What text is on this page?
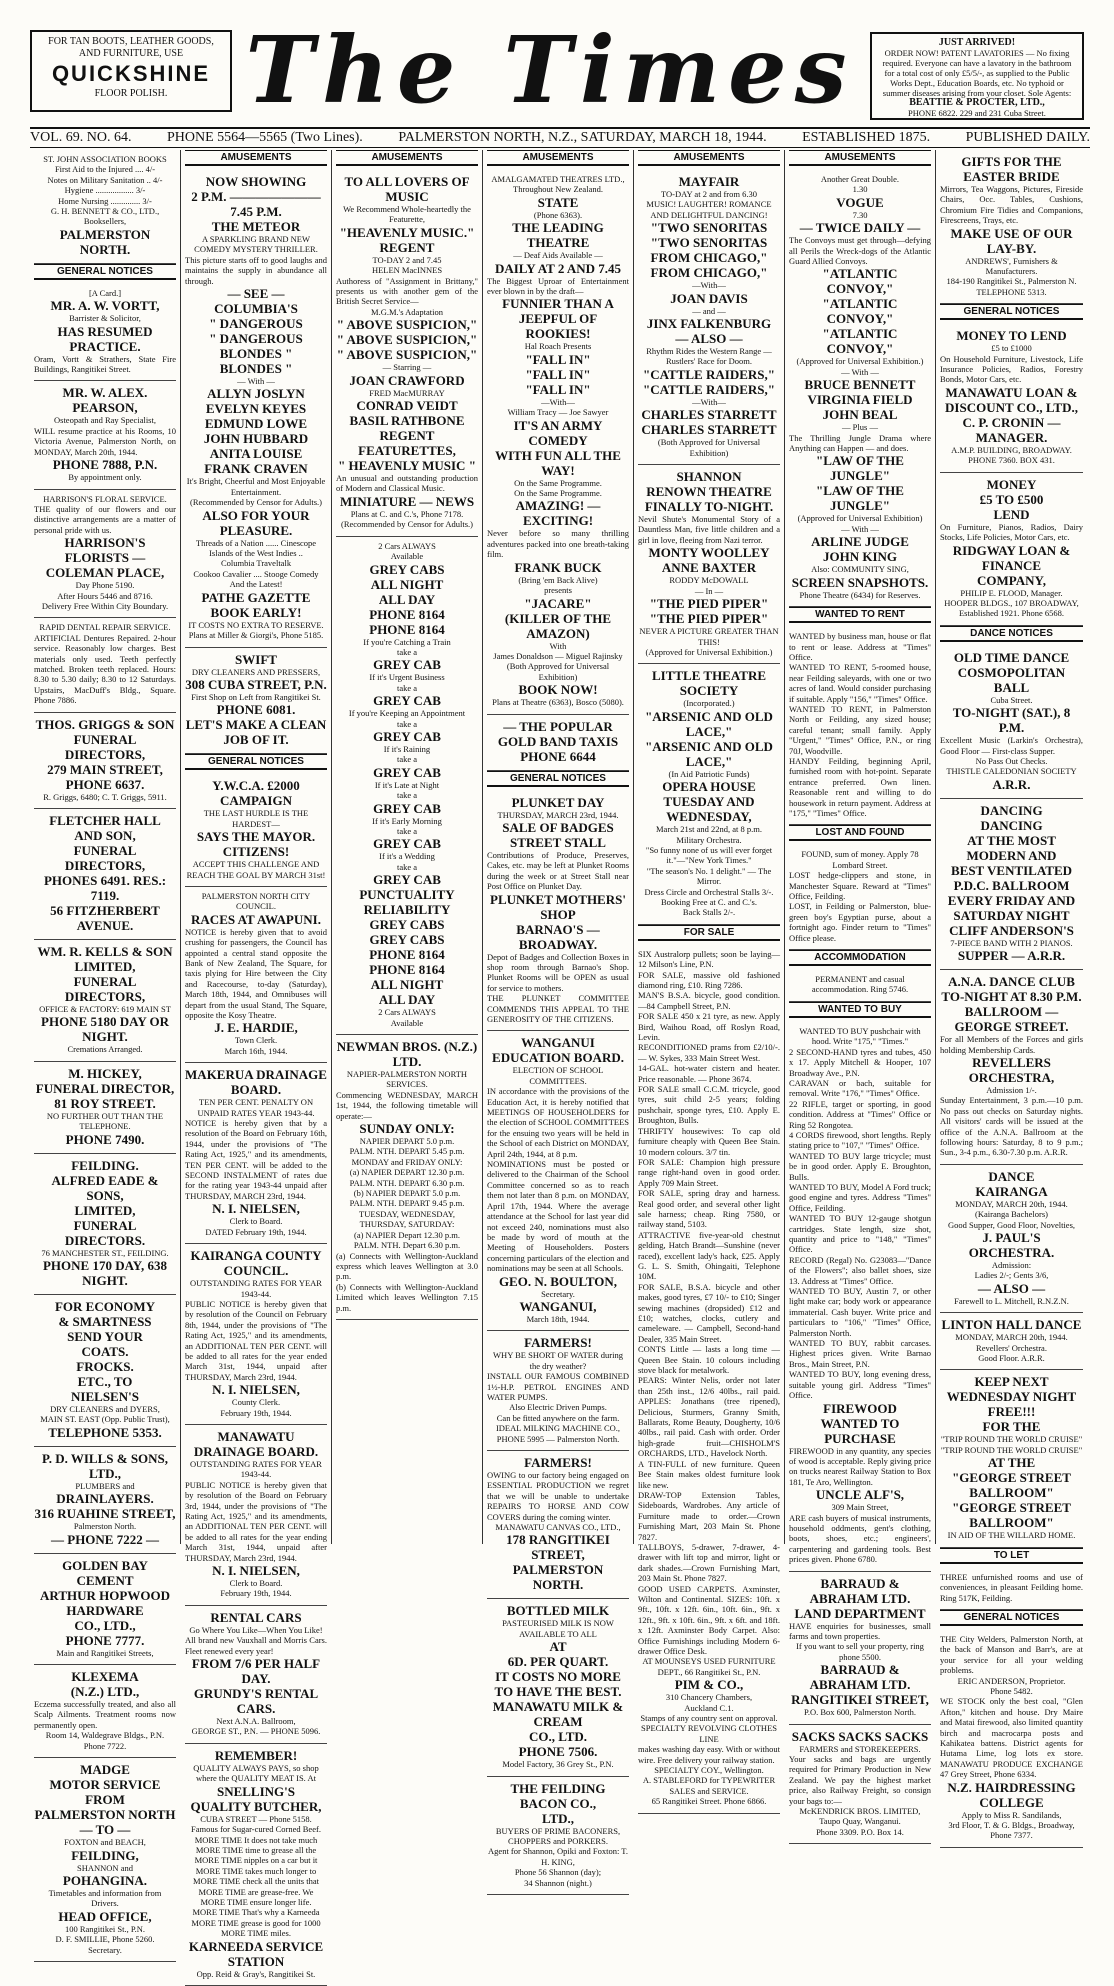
FOR TAN BOOTS, LEATHER GOODS,
AND FURNITURE, USE
QUICKSHINE
FLOOR POLISH. The Times	JUST ARRIVED!
ORDER NOW! PATENT LAVATORIES — No fixing required. Everyone can have a lavatory in the bathroom for a total cost of only £5/5/-, as supplied to the Public Works Dept., Education Boards, etc. No typhoid or summer diseases arising from your closet. Sole Agents:
BEATTIE & PROCTER, LTD.,
PHONE 6822. 229 and 231 Cuba Street.
VOL. 69. NO. 64.	PHONE 5564—5565 (Two Lines).	PALMERSTON NORTH, N.Z., SATURDAY, MARCH 18, 1944.	ESTABLISHED 1875.	PUBLISHED DAILY.

ST. JOHN ASSOCIATION BOOKS

First Aid to the Injured .... 4/-

Notes on Military Sanitation .. 4/-

Hygiene .................. 3/-

Home Nursing .............. 3/-

G. H. BENNETT & CO., LTD.,

Booksellers,

PALMERSTON NORTH.

GENERAL NOTICES

[A Card.]

MR. A. W. VORTT,

Barrister & Solicitor,

HAS RESUMED PRACTICE.

Oram, Vortt & Strathers, State Fire Buildings, Rangitikei Street.

MR. W. ALEX. PEARSON,

Osteopath and Ray Specialist,

WILL resume practice at his Rooms, 10 Victoria Avenue, Palmerston North, on MONDAY, March 20th, 1944.

PHONE 7888, P.N.

By appointment only.

HARRISON'S FLORAL SERVICE.

THE quality of our flowers and our distinctive arrangements are a matter of personal pride with us.

HARRISON'S

FLORISTS — COLEMAN PLACE,

Day Phone 5190.

After Hours 5446 and 8716.

Delivery Free Within City Boundary.

RAPID DENTAL REPAIR SERVICE.

ARTIFICIAL Dentures Repaired. 2-hour service. Reasonably low charges. Best materials only used. Teeth perfectly matched. Broken teeth replaced. Hours: 8.30 to 5.30 daily; 8.30 to 12 Saturdays. Upstairs, MacDuff's Bldg., Square. Phone 7886.

THOS. GRIGGS & SON

FUNERAL DIRECTORS,

279 MAIN STREET,

PHONE 6637.

R. Griggs, 6480; C. T. Griggs, 5911.

FLETCHER HALL

AND SON,

FUNERAL DIRECTORS,

PHONES 6491. RES.: 7119.

56 FITZHERBERT AVENUE.

WM. R. KELLS & SON

LIMITED,

FUNERAL DIRECTORS,

OFFICE & FACTORY: 619 MAIN ST

PHONE 5180 DAY OR NIGHT.

Cremations Arranged.

M. HICKEY,

FUNERAL DIRECTOR,

81 ROY STREET.

NO FURTHER OUT THAN THE TELEPHONE.

PHONE 7490.

FEILDING.

ALFRED EADE & SONS,

LIMITED,

FUNERAL DIRECTORS.

76 MANCHESTER ST., FEILDING.

PHONE 170 DAY, 638 NIGHT.

FOR ECONOMY

& SMARTNESS

SEND YOUR

COATS.

FROCKS.

ETC., TO

NIELSEN'S

DRY CLEANERS and DYERS,

MAIN ST. EAST (Opp. Public Trust),

TELEPHONE 5353.

P. D. WILLS & SONS,

LTD.,

PLUMBERS and

DRAINLAYERS.

316 RUAHINE STREET,

Palmerston North.

— PHONE 7222 —

GOLDEN BAY

CEMENT

ARTHUR HOPWOOD HARDWARE

CO., LTD.,

PHONE 7777.

Main and Rangitikei Streets,

KLEXEMA

(N.Z.) LTD.,

Eczema successfully treated, and also all Scalp Ailments. Treatment rooms now permanently open.

Room 14, Waldegrave Bldgs., P.N.

Phone 7722.

MADGE

MOTOR SERVICE

FROM

PALMERSTON NORTH

— TO —

FOXTON and BEACH,

FEILDING,

SHANNON and

POHANGINA.

Timetables and information from Drivers.

HEAD OFFICE,

100 Rangitikei St., P.N.

D. F. SMILLIE, Phone 5260.

Secretary.

AMUSEMENTS

NOW SHOWING

2 P.M. ——————— 7.45 P.M.

THE METEOR

A SPARKLING BRAND NEW COMEDY MYSTERY THRILLER.

This picture starts off to good laughs and maintains the supply in abundance all through.

— SEE —

COLUMBIA'S

" DANGEROUS

" DANGEROUS

BLONDES "

BLONDES "

— With —

ALLYN JOSLYN

EVELYN KEYES

EDMUND LOWE

JOHN HUBBARD

ANITA LOUISE

FRANK CRAVEN

It's Bright, Cheerful and Most Enjoyable Entertainment.

(Recommended by Censor for Adults.)

ALSO FOR YOUR PLEASURE.

Threads of a Nation ...... Cinescope

Islands of the West Indies ..

Columbia Traveltalk

Cookoo Cavalier .... Stooge Comedy

And the Latest!

PATHE GAZETTE

BOOK EARLY!

IT COSTS NO EXTRA TO RESERVE.

Plans at Miller & Giorgi's, Phone 5185.

SWIFT

DRY CLEANERS AND PRESSERS,

308 CUBA STREET, P.N.

First Shop on Left from Rangitikei St.

PHONE 6081.

LET'S MAKE A CLEAN

JOB OF IT.

GENERAL NOTICES

Y.W.C.A. £2000

CAMPAIGN

THE LAST HURDLE IS THE HARDEST—

SAYS THE MAYOR.

CITIZENS!

ACCEPT THIS CHALLENGE AND REACH THE GOAL BY MARCH 31st!

PALMERSTON NORTH CITY COUNCIL.

RACES AT AWAPUNI.

NOTICE is hereby given that to avoid crushing for passengers, the Council has appointed a central stand opposite the Bank of New Zealand, The Square, for taxis plying for Hire between the City and Racecourse, to-day (Saturday), March 18th, 1944, and Omnibuses will depart from the usual Stand, The Square, opposite the Kosy Theatre.

J. E. HARDIE,

Town Clerk.

March 16th, 1944.

MAKERUA DRAINAGE BOARD.

TEN PER CENT. PENALTY ON UNPAID RATES YEAR 1943-44.

NOTICE is hereby given that by a resolution of the Board on February 16th, 1944, under the provisions of "The Rating Act, 1925," and its amendments, TEN PER CENT. will be added to the SECOND INSTALMENT of rates due for the rating year 1943-44 unpaid after THURSDAY, MARCH 23rd, 1944.

N. I. NIELSEN,

Clerk to Board.

DATED February 19th, 1944.

KAIRANGA COUNTY COUNCIL.

OUTSTANDING RATES FOR YEAR 1943-44.

PUBLIC NOTICE is hereby given that by resolution of the Council on February 8th, 1944, under the provisions of "The Rating Act, 1925," and its amendments, an ADDITIONAL TEN PER CENT. will be added to all rates for the year ended March 31st, 1944, unpaid after THURSDAY, March 23rd, 1944.

N. I. NIELSEN,

County Clerk.

February 19th, 1944.

MANAWATU DRAINAGE BOARD.

OUTSTANDING RATES FOR YEAR 1943-44.

PUBLIC NOTICE is hereby given that by resolution of the Board on February 3rd, 1944, under the provisions of "The Rating Act, 1925," and its amendments, an ADDITIONAL TEN PER CENT. will be added to all rates for the year ending March 31st, 1944, unpaid after THURSDAY, March 23rd, 1944.

N. I. NIELSEN,

Clerk to Board.

February 19th, 1944.

RENTAL CARS

Go Where You Like—When You Like!

All brand new Vauxhall and Morris Cars. Fleet renewed every year!

FROM 7/6 PER HALF DAY.

GRUNDY'S RENTAL CARS.

Next A.N.A. Ballroom,

GEORGE ST., P.N. — PHONE 5096.

REMEMBER!

QUALITY ALWAYS PAYS, so shop where the QUALITY MEAT IS. At

SNELLING'S

QUALITY BUTCHER,

CUBA STREET — Phone 5158.

Famous for Sugar-cured Corned Beef.

MORE TIME It does not take much

MORE TIME time to grease all the

MORE TIME nipples on a car but it

MORE TIME takes much longer to

MORE TIME check all the units that

MORE TIME are grease-free. We

MORE TIME ensure longer life.

MORE TIME That's why a Karneeda

MORE TIME grease is good for 1000

MORE TIME miles.

KARNEEDA SERVICE STATION

Opp. Reid & Gray's, Rangitikei St.

AMUSEMENTS

TO ALL LOVERS OF MUSIC

We Recommend Whole-heartedly the Featurette,

"HEAVENLY MUSIC."

REGENT

TO-DAY 2 and 7.45

HELEN MacINNES

Authoress of "Assignment in Brittany," presents us with another gem of the British Secret Service—

M.G.M.'s Adaptation

" ABOVE SUSPICION,"

" ABOVE SUSPICION,"

" ABOVE SUSPICION,"

— Starring —

JOAN CRAWFORD

FRED MacMURRAY

CONRAD VEIDT

BASIL RATHBONE

REGENT FEATURETTES,

" HEAVENLY MUSIC "

An unusual and outstanding production of Modern and Classical Music.

MINIATURE — NEWS

Plans at C. and C.'s, Phone 7178.

(Recommended by Censor for Adults.)

2 Cars ALWAYS

Available

GREY CABS

ALL NIGHT

ALL DAY

PHONE 8164

PHONE 8164

If you're Catching a Train

take a

GREY CAB

If it's Urgent Business

take a

GREY CAB

If you're Keeping an Appointment

take a

GREY CAB

If it's Raining

take a

GREY CAB

If it's Late at Night

take a

GREY CAB

If it's Early Morning

take a

GREY CAB

If it's a Wedding

take a

GREY CAB

PUNCTUALITY

RELIABILITY

GREY CABS

GREY CABS

PHONE 8164

PHONE 8164

ALL NIGHT

ALL DAY

2 Cars ALWAYS

Available

NEWMAN BROS. (N.Z.) LTD.

NAPIER-PALMERSTON NORTH SERVICES.

Commencing WEDNESDAY, MARCH 1st, 1944, the following timetable will operate:—

SUNDAY ONLY:

NAPIER DEPART 5.0 p.m.

PALM. NTH. DEPART 5.45 p.m.

MONDAY and FRIDAY ONLY:

(a) NAPIER DEPART 12.30 p.m.

PALM. NTH. DEPART 6.30 p.m.

(b) NAPIER DEPART 5.0 p.m.

PALM. NTH. DEPART 9.45 p.m.

TUESDAY, WEDNESDAY, THURSDAY, SATURDAY:

(a) NAPIER Depart 12.30 p.m.

PALM. NTH. Depart 6.30 p.m.

(a) Connects with Wellington-Auckland express which leaves Wellington at 3.0 p.m.

(b) Connects with Wellington-Auckland Limited which leaves Wellington 7.15 p.m.

AMUSEMENTS

AMALGAMATED THEATRES LTD., Throughout New Zealand.

STATE

(Phone 6363).

THE LEADING THEATRE

— Deaf Aids Available —

DAILY AT 2 AND 7.45

The Biggest Uproar of Entertainment ever blown in by the draft—

FUNNIER THAN A

JEEPFUL OF ROOKIES!

Hal Roach Presents

"FALL IN"

"FALL IN"

"FALL IN"

—With—

William Tracy — Joe Sawyer

IT'S AN ARMY COMEDY

WITH FUN ALL THE WAY!

On the Same Programme.

On the Same Programme.

AMAZING! — EXCITING!

Never before so many thrilling adventures packed into one breath-taking film.

FRANK BUCK

(Bring 'em Back Alive)

presents

"JACARE"

(KILLER OF THE AMAZON)

With

James Donaldson — Miguel Rajinsky

(Both Approved for Universal Exhibition)

BOOK NOW!

Plans at Theatre (6363), Bosco (5080).

— THE POPULAR

GOLD BAND TAXIS

PHONE 6644

GENERAL NOTICES

PLUNKET DAY

THURSDAY, MARCH 23rd, 1944.

SALE OF BADGES

STREET STALL

Contributions of Produce, Preserves, Cakes, etc. may be left at Plunket Rooms during the week or at Street Stall near Post Office on Plunket Day.

PLUNKET MOTHERS' SHOP

BARNAO'S — BROADWAY.

Depot of Badges and Collection Boxes in shop room through Barnao's Shop. Plunket Rooms will be OPEN as usual for service to mothers.

THE PLUNKET COMMITTEE COMMENDS THIS APPEAL TO THE GENEROSITY OF THE CITIZENS.

WANGANUI EDUCATION BOARD.

ELECTION OF SCHOOL COMMITTEES.

IN accordance with the provisions of the Education Act, it is hereby notified that MEETINGS OF HOUSEHOLDERS for the election of SCHOOL COMMITTEES for the ensuing two years will be held in the School of each District on MONDAY, April 24th, 1944, at 8 p.m.

NOMINATIONS must be posted or delivered to the Chairman of the School Committee concerned so as to reach them not later than 8 p.m. on MONDAY, April 17th, 1944. Where the average attendance at the School for last year did not exceed 240, nominations must also be made by word of mouth at the Meeting of Householders. Posters concerning particulars of the election and nominations may be seen at all Schools.

GEO. N. BOULTON,

Secretary.

WANGANUI,

March 18th, 1944.

FARMERS!

WHY BE SHORT OF WATER during the dry weather?

INSTALL OUR FAMOUS COMBINED 1½-H.P. PETROL ENGINES AND WATER PUMPS.

Also Electric Driven Pumps.

Can be fitted anywhere on the farm.

IDEAL MILKING MACHINE CO.,

PHONE 5995 — Palmerston North.

FARMERS!

OWING to our factory being engaged on ESSENTIAL PRODUCTION we regret that we will be unable to undertake REPAIRS TO HORSE AND COW COVERS during the coming winter.

MANAWATU CANVAS CO., LTD.,

178 RANGITIKEI STREET,

PALMERSTON NORTH.

BOTTLED MILK

PASTEURISED MILK IS NOW AVAILABLE TO ALL

AT

6D. PER QUART.

IT COSTS NO MORE

TO HAVE THE BEST.

MANAWATU MILK & CREAM

CO., LTD.

PHONE 7506.

Model Factory, 36 Grey St., P.N.

THE FEILDING BACON CO.,

LTD.,

BUYERS OF PRIME BACONERS, CHOPPERS and PORKERS.

Agent for Shannon, Opiki and Foxton: T. H. KING,

Phone 56 Shannon (day);

34 Shannon (night.)

AMUSEMENTS

MAYFAIR

TO-DAY at 2 and from 6.30

MUSIC! LAUGHTER! ROMANCE AND DELIGHTFUL DANCING!

"TWO SENORITAS

"TWO SENORITAS

FROM CHICAGO,"

FROM CHICAGO,"

—With—

JOAN DAVIS

— and —

JINX FALKENBURG

— ALSO —

Rhythm Rides the Western Range —Rustlers' Race for Doom.

"CATTLE RAIDERS,"

"CATTLE RAIDERS,"

—With—

CHARLES STARRETT

CHARLES STARRETT

(Both Approved for Universal Exhibition)

SHANNON

RENOWN THEATRE

FINALLY TO-NIGHT.

Nevil Shute's Monumental Story of a Dauntless Man, five little children and a girl in love, fleeing from Nazi terror.

MONTY WOOLLEY

ANNE BAXTER

RODDY McDOWALL

— In —

"THE PIED PIPER"

"THE PIED PIPER"

NEVER A PICTURE GREATER THAN THIS!

(Approved for Universal Exhibition.)

LITTLE THEATRE SOCIETY

(Incorporated.)

"ARSENIC AND OLD LACE,"

"ARSENIC AND OLD LACE,"

(In Aid Patriotic Funds)

OPERA HOUSE

TUESDAY AND WEDNESDAY,

March 21st and 22nd, at 8 p.m.

Military Orchestra.

"So funny none of us will ever forget it."—"New York Times."

"The season's No. 1 delight." — The Mirror.

Dress Circle and Orchestral Stalls 3/-.

Booking Free at C. and C.'s.

Back Stalls 2/-.

FOR SALE

SIX Australorp pullets; soon be laying—12 Milson's Line, P.N.

FOR SALE, massive old fashioned diamond ring, £10. Ring 7286.

MAN'S B.S.A. bicycle, good condition. —84 Campbell Street, P.N.

FOR SALE 450 x 21 tyre, as new. Apply Bird, Waihou Road, off Roslyn Road, Levin.

RECONDITIONED prams from £2/10/-. — W. Sykes, 333 Main Street West.

14-GAL. hot-water cistern and heater. Price reasonable. — Phone 3674.

FOR SALE small C.C.M. tricycle, good tyres, suit child 2-5 years; folding pushchair, sponge tyres, £10. Apply E. Broughton, Bulls.

THRIFTY housewives: To cap old furniture cheaply with Queen Bee Stain. 10 modern colours. 3/7 tin.

FOR SALE: Champion high pressure range right-hand oven in good order. Apply 709 Main Street.

FOR SALE, spring dray and harness. Real good order, and several other light sale harness; cheap. Ring 7580, or railway stand, 5103.

ATTRACTIVE five-year-old chestnut gelding, Hatch Brandt—Sunshine (never raced), excellent lady's hack, £25. Apply G. L. S. Smith, Ohingaiti, Telephone 10M.

FOR SALE, B.S.A. bicycle and other makes, good tyres, £7 10/- to £10; Singer sewing machines (dropsided) £12 and £10; watches, clocks, cutlery and cameleware. — Campbell, Second-hand Dealer, 335 Main Street.

CONTS Little — lasts a long time — Queen Bee Stain. 10 colours including stove black for metalwork.

PEARS: Winter Nelis, order not later than 25th inst., 12/6 40lbs., rail paid. APPLES: Jonathans (tree ripened), Delicious, Sturmers, Granny Smith, Ballarats, Rome Beauty, Dougherty, 10/6 40lbs., rail paid. Cash with order. Order high-grade fruit—CHISHOLM'S ORCHARDS, LTD., Havelock North.

A TIN-FULL of new furniture. Queen Bee Stain makes oldest furniture look like new.

DRAW-TOP Extension Tables, Sideboards, Wardrobes. Any article of Furniture made to order.—Crown Furnishing Mart, 203 Main St. Phone 7827.

TALLBOYS, 5-drawer, 7-drawer, 4-drawer with lift top and mirror, light or dark shades.—Crown Furnishing Mart, 203 Main St. Phone 7827.

GOOD USED CARPETS. Axminster, Wilton and Continental. SIZES: 10ft. x 9ft., 10ft. x 12ft. 6in., 10ft. 6in., 9ft. x 12ft., 9ft. x 10ft. 6in., 9ft. x 6ft. and 18ft. x 12ft. Axminster Body Carpet. Also: Office Furnishings including Modern 6-drawer Office Desk.

AT MOUNSEYS USED FURNITURE DEPT., 66 Rangitikei St., P.N.

PIM & CO.,

310 Chancery Chambers,

Auckland C.1.

Stamps of any country sent on approval.

SPECIALTY REVOLVING CLOTHES LINE

makes washing day easy. With or without wire. Free delivery your railway station.

SPECIALTY COY., Wellington.

A. STABLEFORD for TYPEWRITER SALES and SERVICE.

65 Rangitikei Street. Phone 6866.

AMUSEMENTS

Another Great Double.

1.30

VOGUE

7.30

— TWICE DAILY —

The Convoys must get through—defying all Perils the Wreck-dogs of the Atlantic Guard Allied Convoys.

"ATLANTIC CONVOY,"

"ATLANTIC CONVOY,"

"ATLANTIC CONVOY,"

(Approved for Universal Exhibition.)

— With —

BRUCE BENNETT

VIRGINIA FIELD

JOHN BEAL

— Plus —

The Thrilling Jungle Drama where Anything can Happen — and does.

"LAW OF THE JUNGLE"

"LAW OF THE JUNGLE"

(Approved for Universal Exhibition)

— With —

ARLINE JUDGE

JOHN KING

Also: COMMUNITY SING,

SCREEN SNAPSHOTS.

Phone Theatre (6434) for Reserves.

WANTED TO RENT

WANTED by business man, house or flat to rent or lease. Address at "Times" Office.

WANTED TO RENT, 5-roomed house, near Feilding saleyards, with one or two acres of land. Would consider purchasing if suitable. Apply "156," "Times" Office.

WANTED TO RENT, in Palmerston North or Feilding, any sized house; careful tenant; small family. Apply "Urgent," "Times" Office, P.N., or ring 70J, Woodville.

HANDY Feilding, beginning April, furnished room with hot-point. Separate entrance preferred. Own linen. Reasonable rent and willing to do housework in return payment. Address at "175," "Times" Office.

LOST AND FOUND

FOUND, sum of money. Apply 78 Lombard Street.

LOST hedge-clippers and stone, in Manchester Square. Reward at "Times" Office, Feilding.

LOST, in Feilding or Palmerston, blue-green boy's Egyptian purse, about a fortnight ago. Finder return to "Times" Office please.

ACCOMMODATION

PERMANENT and casual accommodation. Ring 5746.

WANTED TO BUY

WANTED TO BUY pushchair with hood. Write "175," "Times."

2 SECOND-HAND tyres and tubes, 450 x 17. Apply Mitchell & Hooper, 107 Broadway Ave., P.N.

CARAVAN or bach, suitable for removal. Write "176," "Times" Office.

22 RIFLE, target or sporting, in good condition. Address at "Times" Office or Ring 52 Rongotea.

4 CORDS firewood, short lengths. Reply stating price to "107," "Times" Office.

WANTED TO BUY large tricycle; must be in good order. Apply E. Broughton, Bulls.

WANTED TO BUY, Model A Ford truck; good engine and tyres. Address "Times" Office, Feilding.

WANTED TO BUY 12-gauge shotgun cartridges. State length, size shot, quantity and price to "148," "Times" Office.

RECORD (Regal) No. G23083—"Dance of the Flowers"; also ballet shoes, size 13. Address at "Times" Office.

WANTED TO BUY, Austin 7, or other light make car; body work or appearance immaterial. Cash buyer. Write price and particulars to "106," "Times" Office, Palmerston North.

WANTED TO BUY, rabbit carcases. Highest prices given. Write Barnao Bros., Main Street, P.N.

WANTED TO BUY, long evening dress, suitable young girl. Address "Times" Office.

FIREWOOD

WANTED TO PURCHASE

FIREWOOD in any quantity, any species of wood is acceptable. Reply giving price on trucks nearest Railway Station to Box 181, Te Aro, Wellington.

UNCLE ALF'S,

309 Main Street,

ARE cash buyers of musical instruments, household oddments, gent's clothing, boots, shoes, etc.; engineers', carpentering and gardening tools. Best prices given. Phone 6780.

BARRAUD & ABRAHAM LTD.

LAND DEPARTMENT

HAVE enquiries for businesses, small farms and town properties.

If you want to sell your property, ring phone 5500.

BARRAUD & ABRAHAM LTD.

RANGITIKEI STREET,

P.O. Box 600, Palmerston North.

SACKS SACKS SACKS

FARMERS and STOREKEEPERS.

Your sacks and bags are urgently required for Primary Production in New Zealand. We pay the highest market price, also Railway Freight, so consign your bags to:—

McKENDRICK BROS. LIMITED,

Taupo Quay, Wanganui.

Phone 3309. P.O. Box 14.

GIFTS FOR THE

EASTER BRIDE

Mirrors, Tea Waggons, Pictures, Fireside Chairs, Occ. Tables, Cushions, Chromium Fire Tidies and Companions, Firescreens, Trays, etc.

MAKE USE OF OUR LAY-BY.

ANDREWS', Furnishers & Manufacturers.

184-190 Rangitikei St., Palmerston N. TELEPHONE 5313.

GENERAL NOTICES

MONEY TO LEND

£5 to £1000

On Household Furniture, Livestock, Life Insurance Policies, Radios, Forestry Bonds, Motor Cars, etc.

MANAWATU LOAN &

DISCOUNT CO., LTD.,

C. P. CRONIN — MANAGER.

A.M.P. BUILDING, BROADWAY.

PHONE 7360. BOX 431.

MONEY

£5 TO £500

LEND

On Furniture, Pianos, Radios, Dairy Stocks, Life Policies, Motor Cars, etc.

RIDGWAY LOAN & FINANCE

COMPANY,

PHILIP E. FLOOD, Manager.

HOOPER BLDGS., 107 BROADWAY,

Established 1921. Phone 6568.

DANCE NOTICES

OLD TIME DANCE

COSMOPOLITAN BALL

Cuba Street.

TO-NIGHT (SAT.), 8 P.M.

Excellent Music (Larkin's Orchestra), Good Floor — First-class Supper.

No Pass Out Checks.

THISTLE CALEDONIAN SOCIETY

A.R.R.

DANCING

DANCING

AT THE MOST MODERN AND

BEST VENTILATED

P.D.C. BALLROOM

EVERY FRIDAY AND

SATURDAY NIGHT

CLIFF ANDERSON'S

7-PIECE BAND WITH 2 PIANOS.

SUPPER — A.R.R.

A.N.A. DANCE CLUB

TO-NIGHT AT 8.30 P.M.

BALLROOM — GEORGE STREET.

For all Members of the Forces and girls holding Membership Cards.

REVELLERS ORCHESTRA,

Admission 1/-.

Sunday Entertainment, 3 p.m.—10 p.m. No pass out checks on Saturday nights. All visitors' cards will be issued at the office of the A.N.A. Ballroom at the following hours: Saturday, 8 to 9 p.m.; Sun., 3-4 p.m., 6.30-7.30 p.m. A.R.R.

DANCE

KAIRANGA

MONDAY, MARCH 20th, 1944.

(Kairanga Bachelors)

Good Supper, Good Floor, Novelties,

J. PAUL'S ORCHESTRA.

Admission:

Ladies 2/-; Gents 3/6,

— ALSO —

Farewell to L. Mitchell, R.N.Z.N.

LINTON HALL DANCE

MONDAY, MARCH 20th, 1944.

Revellers' Orchestra.

Good Floor. A.R.R.

KEEP NEXT WEDNESDAY NIGHT

FREE!!!

FOR THE

"TRIP ROUND THE WORLD CRUISE"

"TRIP ROUND THE WORLD CRUISE"

AT THE

"GEORGE STREET BALLROOM"

"GEORGE STREET BALLROOM"

IN AID OF THE WILLARD HOME.

TO LET

THREE unfurnished rooms and use of conveniences, in pleasant Feilding home. Ring 517K, Feilding.

GENERAL NOTICES

THE City Welders, Palmerston North, at the back of Manson and Barr's, are at your service for all your welding problems.

ERIC ANDERSON, Proprietor.

Phone 5482.

WE STOCK only the best coal, "Glen Afton," kitchen and house. Dry Maire and Matai firewood, also limited quantity birch and macrocarpa posts and Kahikatea battens. District agents for Hutama Lime, log lots ex store. MANAWATU PRODUCE EXCHANGE 47 Grey Street, Phone 6334.

N.Z. HAIRDRESSING COLLEGE

Apply to Miss R. Sandilands,

3rd Floor, T. & G. Bldgs., Broadway,

Phone 7377.
